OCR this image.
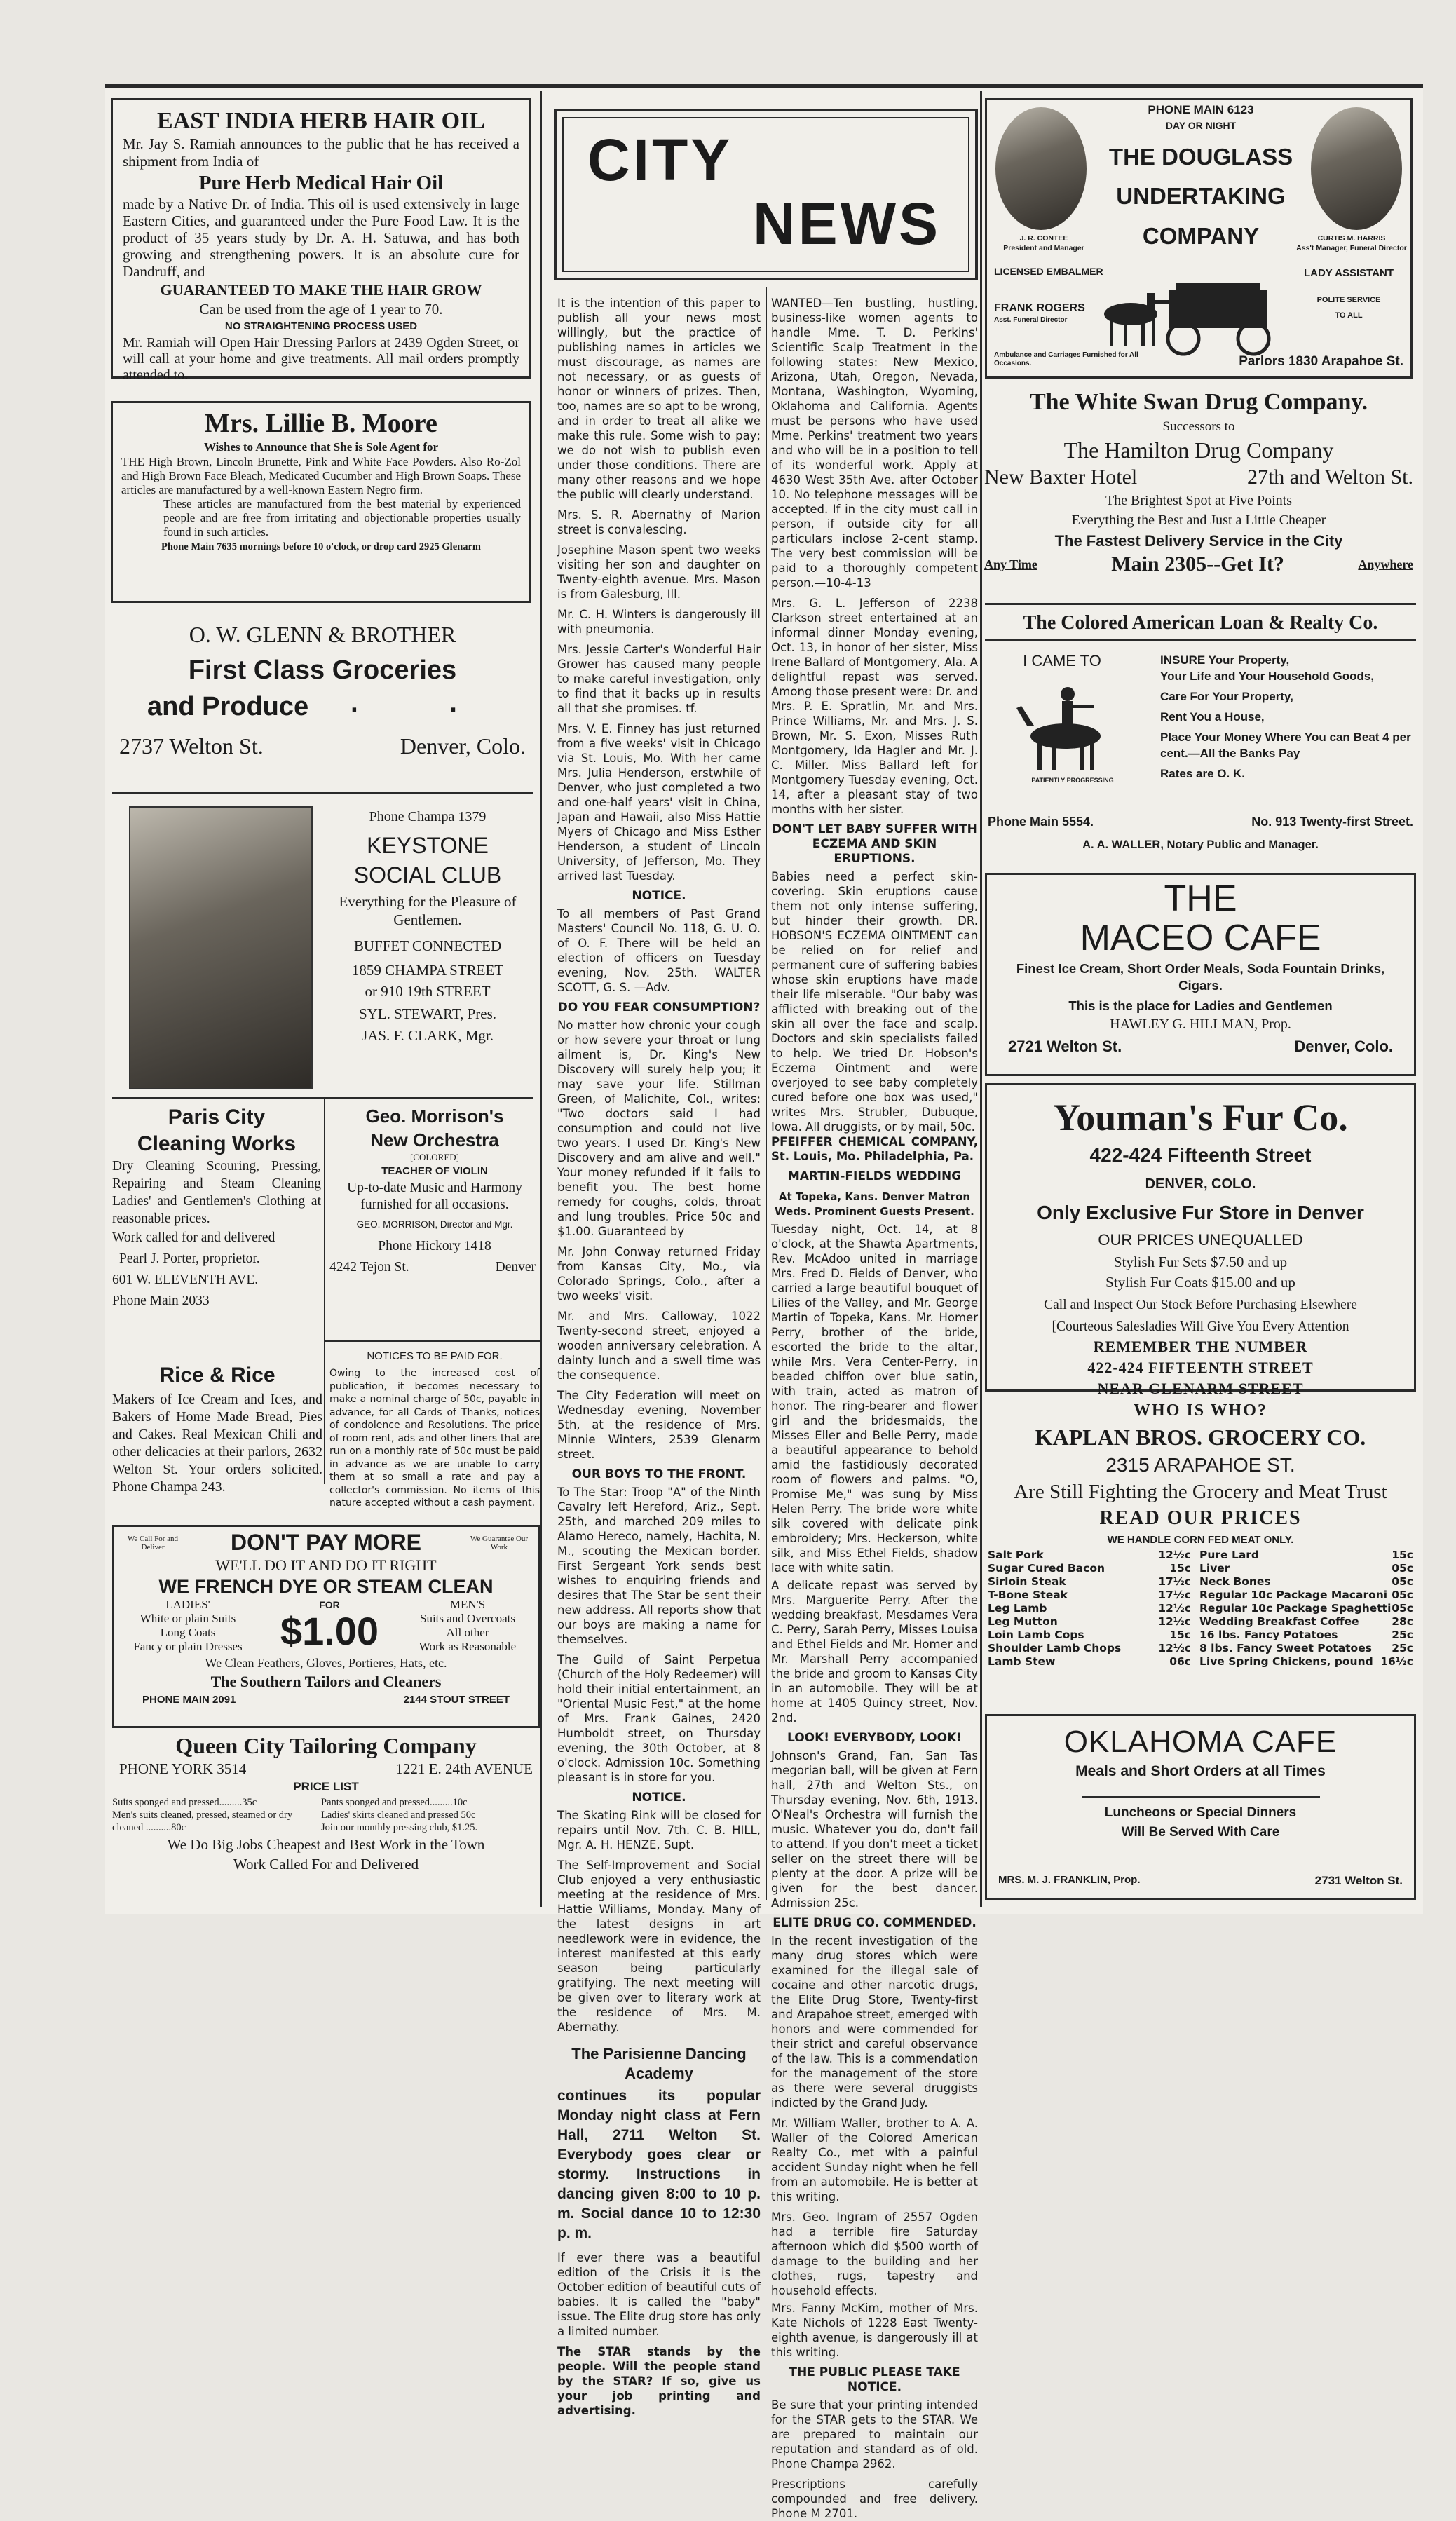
EAST INDIA HERB HAIR OIL
Mr. Jay S. Ramiah announces to the public that he has received a shipment from India of
Pure Herb Medical Hair Oil
made by a Native Dr. of India. This oil is used extensively in large Eastern Cities, and guaranteed under the Pure Food Law. It is the product of 35 years study by Dr. A. H. Satuwa, and has both growing and strengthening powers. It is an absolute cure for Dandruff, and
GUARANTEED TO MAKE THE HAIR GROW
Can be used from the age of 1 year to 70.
NO STRAIGHTENING PROCESS USED
Mr. Ramiah will Open Hair Dressing Parlors at 2439 Ogden Street, or will call at your home and give treatments. All mail orders promptly attended to.
Mrs. Lillie B. Moore
Wishes to Announce that She is Sole Agent for
THE High Brown, Lincoln Brunette, Pink and White Face Powders. Also Ro-Zol and High Brown Face Bleach, Medicated Cucumber and High Brown Soaps. These articles are manufactured by a well-known Eastern Negro firm.
These articles are manufactured from the best material by experienced people and are free from irritating and objectionable properties usually found in such articles.
Phone Main 7635 mornings before 10 o'clock, or drop card 2925 Glenarm
O. W. GLENN & BROTHER
First Class Groceries
and Produce . .
2737 Welton St.	Denver, Colo.
Phone Champa 1379
KEYSTONE
SOCIAL CLUB
Everything for the Pleasure of Gentlemen.
BUFFET CONNECTED
1859 CHAMPA STREET
or 910 19th STREET
SYL. STEWART, Pres.
JAS. F. CLARK, Mgr.
Paris City
Cleaning Works
Dry Cleaning Scouring, Pressing, Repairing and Steam Cleaning Ladies' and Gentlemen's Clothing at reasonable prices.
Work called for and delivered
Pearl J. Porter, proprietor.
601 W. ELEVENTH AVE.
Phone Main 2033
Geo. Morrison's
New Orchestra
[COLORED]
TEACHER OF VIOLIN
Up-to-date Music and Harmony furnished for all occasions.
GEO. MORRISON, Director and Mgr.
Phone Hickory 1418
4242 Tejon St.	Denver
NOTICES TO BE PAID FOR.
Owing to the increased cost of publication, it becomes necessary to make a nominal charge of 50c, payable in advance, for all Cards of Thanks, notices of condolence and Resolutions. The price of room rent, ads and other liners that are run on a monthly rate of 50c must be paid in advance as we are unable to carry them at so small a rate and pay a collector's commission. No items of this nature accepted without a cash payment.
Rice & Rice
Makers of Ice Cream and Ices, and Bakers of Home Made Bread, Pies and Cakes. Real Mexican Chili and other delicacies at their parlors, 2632 Welton St. Your orders solicited. Phone Champa 243.
We Call For and Deliver	DON'T PAY MORE	We Guarantee Our Work
WE'LL DO IT AND DO IT RIGHT
WE FRENCH DYE OR STEAM CLEAN
LADIES'
White or plain Suits
Long Coats
Fancy or plain Dresses
FOR
$1.00
MEN'S
Suits and Overcoats
All other
Work as Reasonable
We Clean Feathers, Gloves, Portieres, Hats, etc.
The Southern Tailors and Cleaners
PHONE MAIN 2091	2144 STOUT STREET
Queen City Tailoring Company
PHONE YORK 3514	1221 E. 24th AVENUE
PRICE LIST
Suits sponged and pressed.........35c
Men's suits cleaned, pressed, steamed or dry cleaned ..........80c
Pants sponged and pressed.........10c
Ladies' skirts cleaned and pressed 50c
Join our monthly pressing club, $1.25.
We Do Big Jobs Cheapest and Best Work in the Town
Work Called For and Delivered
CITY
NEWS

It is the intention of this paper to publish all your news most willingly, but the practice of publishing names in articles we must discourage, as names are not necessary, or as guests of honor or winners of prizes. Then, too, names are so apt to be wrong, and in order to treat all alike we make this rule. Some wish to pay; we do not wish to publish even under those conditions. There are many other reasons and we hope the public will clearly understand.

Mrs. S. R. Abernathy of Marion street is convalescing.

Josephine Mason spent two weeks visiting her son and daughter on Twenty-eighth avenue. Mrs. Mason is from Galesburg, Ill.

Mr. C. H. Winters is dangerously ill with pneumonia.

Mrs. Jessie Carter's Wonderful Hair Grower has caused many people to make careful investigation, only to find that it backs up in results all that she promises. tf.

Mrs. V. E. Finney has just returned from a five weeks' visit in Chicago via St. Louis, Mo. With her came Mrs. Julia Henderson, erstwhile of Denver, who just completed a two and one-half years' visit in China, Japan and Hawaii, also Miss Hattie Myers of Chicago and Miss Esther Henderson, a student of Lincoln University, of Jefferson, Mo. They arrived last Tuesday.

NOTICE.

To all members of Past Grand Masters' Council No. 118, G. U. O. of O. F. There will be held an election of officers on Tuesday evening, Nov. 25th. WALTER SCOTT, G. S. —Adv.

DO YOU FEAR CONSUMPTION?

No matter how chronic your cough or how severe your throat or lung ailment is, Dr. King's New Discovery will surely help you; it may save your life. Stillman Green, of Malichite, Col., writes: "Two doctors said I had consumption and could not live two years. I used Dr. King's New Discovery and am alive and well." Your money refunded if it fails to benefit you. The best home remedy for coughs, colds, throat and lung troubles. Price 50c and $1.00. Guaranteed by

Mr. John Conway returned Friday from Kansas City, Mo., via Colorado Springs, Colo., after a two weeks' visit.

Mr. and Mrs. Calloway, 1022 Twenty-second street, enjoyed a wooden anniversary celebration. A dainty lunch and a swell time was the consequence.

The City Federation will meet on Wednesday evening, November 5th, at the residence of Mrs. Minnie Winters, 2539 Glenarm street.

OUR BOYS TO THE FRONT.

To The Star: Troop "A" of the Ninth Cavalry left Hereford, Ariz., Sept. 25th, and marched 209 miles to Alamo Hereco, namely, Hachita, N. M., scouting the Mexican border. First Sergeant York sends best wishes to enquiring friends and desires that The Star be sent their new address. All reports show that our boys are making a name for themselves.

The Guild of Saint Perpetua (Church of the Holy Redeemer) will hold their initial entertainment, an "Oriental Music Fest," at the home of Mrs. Frank Gaines, 2420 Humboldt street, on Thursday evening, the 30th October, at 8 o'clock. Admission 10c. Something pleasant is in store for you.

NOTICE.

The Skating Rink will be closed for repairs until Nov. 7th. C. B. HILL, Mgr. A. H. HENZE, Supt.

The Self-Improvement and Social Club enjoyed a very enthusiastic meeting at the residence of Mrs. Hattie Williams, Monday. Many of the latest designs in art needlework were in evidence, the interest manifested at this early season being particularly gratifying. The next meeting will be given over to literary work at the residence of Mrs. M. Abernathy.

The Parisienne Dancing Academy

continues its popular Monday night class at Fern Hall, 2711 Welton St. Everybody goes clear or stormy. Instructions in dancing given 8:00 to 10 p. m. Social dance 10 to 12:30 p. m.

If ever there was a beautiful edition of the Crisis it is the October edition of beautiful cuts of babies. It is called the "baby" issue. The Elite drug store has only a limited number.

The STAR stands by the people. Will the people stand by the STAR? If so, give us your job printing and advertising.

WANTED—Ten bustling, hustling, business-like women agents to handle Mme. T. D. Perkins' Scientific Scalp Treatment in the following states: New Mexico, Arizona, Utah, Oregon, Nevada, Montana, Washington, Wyoming, Oklahoma and California. Agents must be persons who have used Mme. Perkins' treatment two years and who will be in a position to tell of its wonderful work. Apply at 4630 West 35th Ave. after October 10. No telephone messages will be accepted. If in the city must call in person, if outside city for all particulars inclose 2-cent stamp. The very best commission will be paid to a thoroughly competent person.—10-4-13

Mrs. G. L. Jefferson of 2238 Clarkson street entertained at an informal dinner Monday evening, Oct. 13, in honor of her sister, Miss Irene Ballard of Montgomery, Ala. A delightful repast was served. Among those present were: Dr. and Mrs. P. E. Spratlin, Mr. and Mrs. Prince Williams, Mr. and Mrs. J. S. Brown, Mr. S. Exon, Misses Ruth Montgomery, Ida Hagler and Mr. J. C. Miller. Miss Ballard left for Montgomery Tuesday evening, Oct. 14, after a pleasant stay of two months with her sister.

DON'T LET BABY SUFFER WITH ECZEMA AND SKIN ERUPTIONS.

Babies need a perfect skin-covering. Skin eruptions cause them not only intense suffering, but hinder their growth. DR. HOBSON'S ECZEMA OINTMENT can be relied on for relief and permanent cure of suffering babies whose skin eruptions have made their life miserable. "Our baby was afflicted with breaking out of the skin all over the face and scalp. Doctors and skin specialists failed to help. We tried Dr. Hobson's Eczema Ointment and were overjoyed to see baby completely cured before one box was used," writes Mrs. Strubler, Dubuque, Iowa. All druggists, or by mail, 50c.

PFEIFFER CHEMICAL COMPANY, St. Louis, Mo. Philadelphia, Pa.

MARTIN-FIELDS WEDDING
At Topeka, Kans. Denver Matron Weds. Prominent Guests Present.

Tuesday night, Oct. 14, at 8 o'clock, at the Shawta Apartments, Rev. McAdoo united in marriage Mrs. Fred D. Fields of Denver, who carried a large beautiful bouquet of Lilies of the Valley, and Mr. George Martin of Topeka, Kans. Mr. Homer Perry, brother of the bride, escorted the bride to the altar, while Mrs. Vera Center-Perry, in beaded chiffon over blue satin, with train, acted as matron of honor. The ring-bearer and flower girl and the bridesmaids, the Misses Eller and Belle Perry, made a beautiful appearance to behold amid the fastidiously decorated room of flowers and palms. "O, Promise Me," was sung by Miss Helen Perry. The bride wore white silk covered with delicate pink embroidery; Mrs. Heckerson, white silk, and Miss Ethel Fields, shadow lace with white satin.

A delicate repast was served by Mrs. Marguerite Perry. After the wedding breakfast, Mesdames Vera C. Perry, Sarah Perry, Misses Louisa and Ethel Fields and Mr. Homer and Mr. Marshall Perry accompanied the bride and groom to Kansas City in an automobile. They will be at home at 1405 Quincy street, Nov. 2nd.

LOOK! EVERYBODY, LOOK!

Johnson's Grand, Fan, San Tas megorian ball, will be given at Fern hall, 27th and Welton Sts., on Thursday evening, Nov. 6th, 1913. O'Neal's Orchestra will furnish the music. Whatever you do, don't fail to attend. If you don't meet a ticket seller on the street there will be plenty at the door. A prize will be given for the best dancer. Admission 25c.

ELITE DRUG CO. COMMENDED.

In the recent investigation of the many drug stores which were examined for the illegal sale of cocaine and other narcotic drugs, the Elite Drug Store, Twenty-first and Arapahoe street, emerged with honors and were commended for their strict and careful observance of the law. This is a commendation for the management of the store as there were several druggists indicted by the Grand Judy.

Mr. William Waller, brother to A. A. Waller of the Colored American Realty Co., met with a painful accident Sunday night when he fell from an automobile. He is better at this writing.

Mrs. Geo. Ingram of 2557 Ogden had a terrible fire Saturday afternoon which did $500 worth of damage to the building and her clothes, rugs, tapestry and household effects.

Mrs. Fanny McKim, mother of Mrs. Kate Nichols of 1228 East Twenty-eighth avenue, is dangerously ill at this writing.

THE PUBLIC PLEASE TAKE NOTICE.

Be sure that your printing intended for the STAR gets to the STAR. We are prepared to maintain our reputation and standard as of old. Phone Champa 2962.

Prescriptions carefully compounded and free delivery. Phone M 2701.

PHONE MAIN 6123
DAY OR NIGHT
THE DOUGLASS
UNDERTAKING
COMPANY
J. R. CONTEE
President and Manager
CURTIS M. HARRIS
Ass't Manager, Funeral Director
LICENSED EMBALMER
FRANK ROGERS
Asst. Funeral Director
LADY ASSISTANT
POLITE SERVICE
TO ALL
Ambulance and Carriages Furnished for All Occasions.	Parlors 1830 Arapahoe St.
The White Swan Drug Company.
Successors to
The Hamilton Drug Company
New Baxter Hotel	27th and Welton St.
The Brightest Spot at Five Points
Everything the Best and Just a Little Cheaper
The Fastest Delivery Service in the City
Any Time	Main 2305--Get It?	Anywhere
The Colored American Loan & Realty Co.
I CAME TO
PATIENTLY PROGRESSING
INSURE Your Property,
Your Life and Your Household Goods,
Care For Your Property,
Rent You a House,
Place Your Money Where You can Beat 4 per cent.—All the Banks Pay
Rates are O. K.
Phone Main 5554.	No. 913 Twenty-first Street.
A. A. WALLER, Notary Public and Manager.
THE
MACEO CAFE
Finest Ice Cream, Short Order Meals, Soda Fountain Drinks, Cigars.
This is the place for Ladies and Gentlemen
HAWLEY G. HILLMAN, Prop.
2721 Welton St.	Denver, Colo.
Youman's Fur Co.
422-424 Fifteenth Street
DENVER, COLO.
Only Exclusive Fur Store in Denver
OUR PRICES UNEQUALLED
Stylish Fur Sets $7.50 and up
Stylish Fur Coats $15.00 and up
Call and Inspect Our Stock Before Purchasing Elsewhere
[Courteous Salesladies Will Give You Every Attention
REMEMBER THE NUMBER
422-424 FIFTEENTH STREET
NEAR GLENARM STREET
WHO IS WHO?
KAPLAN BROS. GROCERY CO.
2315 ARAPAHOE ST.
Are Still Fighting the Grocery and Meat Trust
READ OUR PRICES
WE HANDLE CORN FED MEAT ONLY.
Salt Pork	12½c
Sugar Cured Bacon	15c
Sirloin Steak	17½c
T-Bone Steak	17½c
Leg Lamb	12½c
Leg Mutton	12½c
Loin Lamb Cops	15c
Shoulder Lamb Chops	12½c
Lamb Stew	06c
Pure Lard	15c
Liver	05c
Neck Bones	05c
Regular 10c Package Macaroni 05c
Regular 10c Package Spaghetti 05c
Wedding Breakfast Coffee	28c
16 lbs. Fancy Potatoes	25c
8 lbs. Fancy Sweet Potatoes	25c
Live Spring Chickens, pound 16½c
OKLAHOMA CAFE
Meals and Short Orders at all Times
Luncheons or Special Dinners
Will Be Served With Care
MRS. M. J. FRANKLIN, Prop.	2731 Welton St.
